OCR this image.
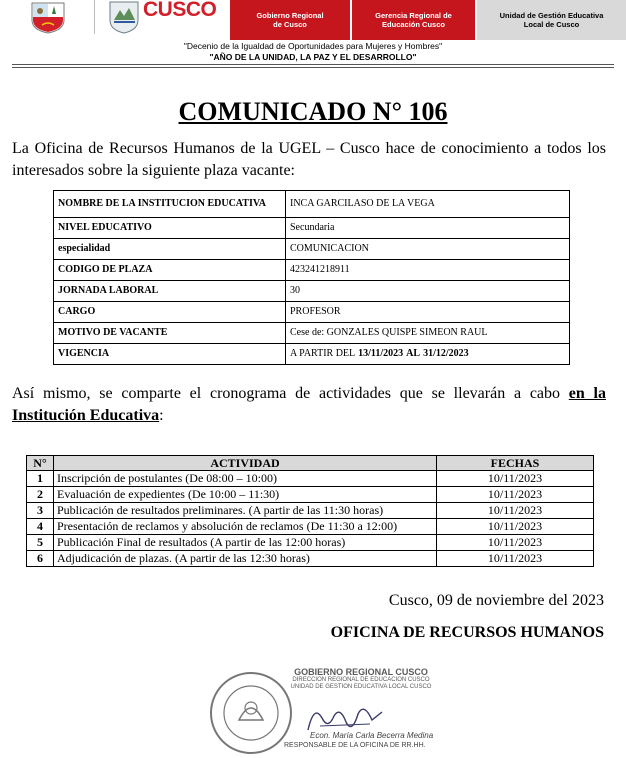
CUSCO	Gobierno Regional
de Cusco
Gerencia Regional de
Educación Cusco
Unidad de Gestión Educativa
Local de Cusco
"Decenio de la Igualdad de Oportunidades para Mujeres y Hombres"
"AÑO DE LA UNIDAD, LA PAZ Y EL DESARROLLO"
COMUNICADO N° 106
La Oficina de Recursos Humanos de la UGEL – Cusco hace de conocimiento a todos los interesados sobre la siguiente plaza vacante:
NOMBRE DE LA INSTITUCION EDUCATIVA	INCA GARCILASO DE LA VEGA
NIVEL EDUCATIVO	Secundaria
especialidad	COMUNICACION
CODIGO DE PLAZA	423241218911
JORNADA LABORAL	30
CARGO	PROFESOR
MOTIVO DE VACANTE	Cese de: GONZALES QUISPE SIMEON RAUL
VIGENCIA	A PARTIR DEL 13/11/2023 AL 31/12/2023
Así mismo, se comparte el cronograma de actividades que se llevarán a cabo en la Institución Educativa:
N°	ACTIVIDAD	FECHAS
1	Inscripción de postulantes (De 08:00 – 10:00)	10/11/2023
2	Evaluación de expedientes (De 10:00 – 11:30)	10/11/2023
3	Publicación de resultados preliminares. (A partir de las 11:30 horas)	10/11/2023
4	Presentación de reclamos y absolución de reclamos (De 11:30 a 12:00)	10/11/2023
5	Publicación Final de resultados (A partir de las 12:00 horas)	10/11/2023
6	Adjudicación de plazas. (A partir de las 12:30 horas)	10/11/2023
Cusco, 09 de noviembre del 2023
OFICINA DE RECURSOS HUMANOS
GOBIERNO REGIONAL CUSCO
DIRECCION REGIONAL DE EDUCACION CUSCO
UNIDAD DE GESTION EDUCATIVA LOCAL CUSCO
Econ. María Carla Becerra Medina
RESPONSABLE DE LA OFICINA DE RR.HH.
